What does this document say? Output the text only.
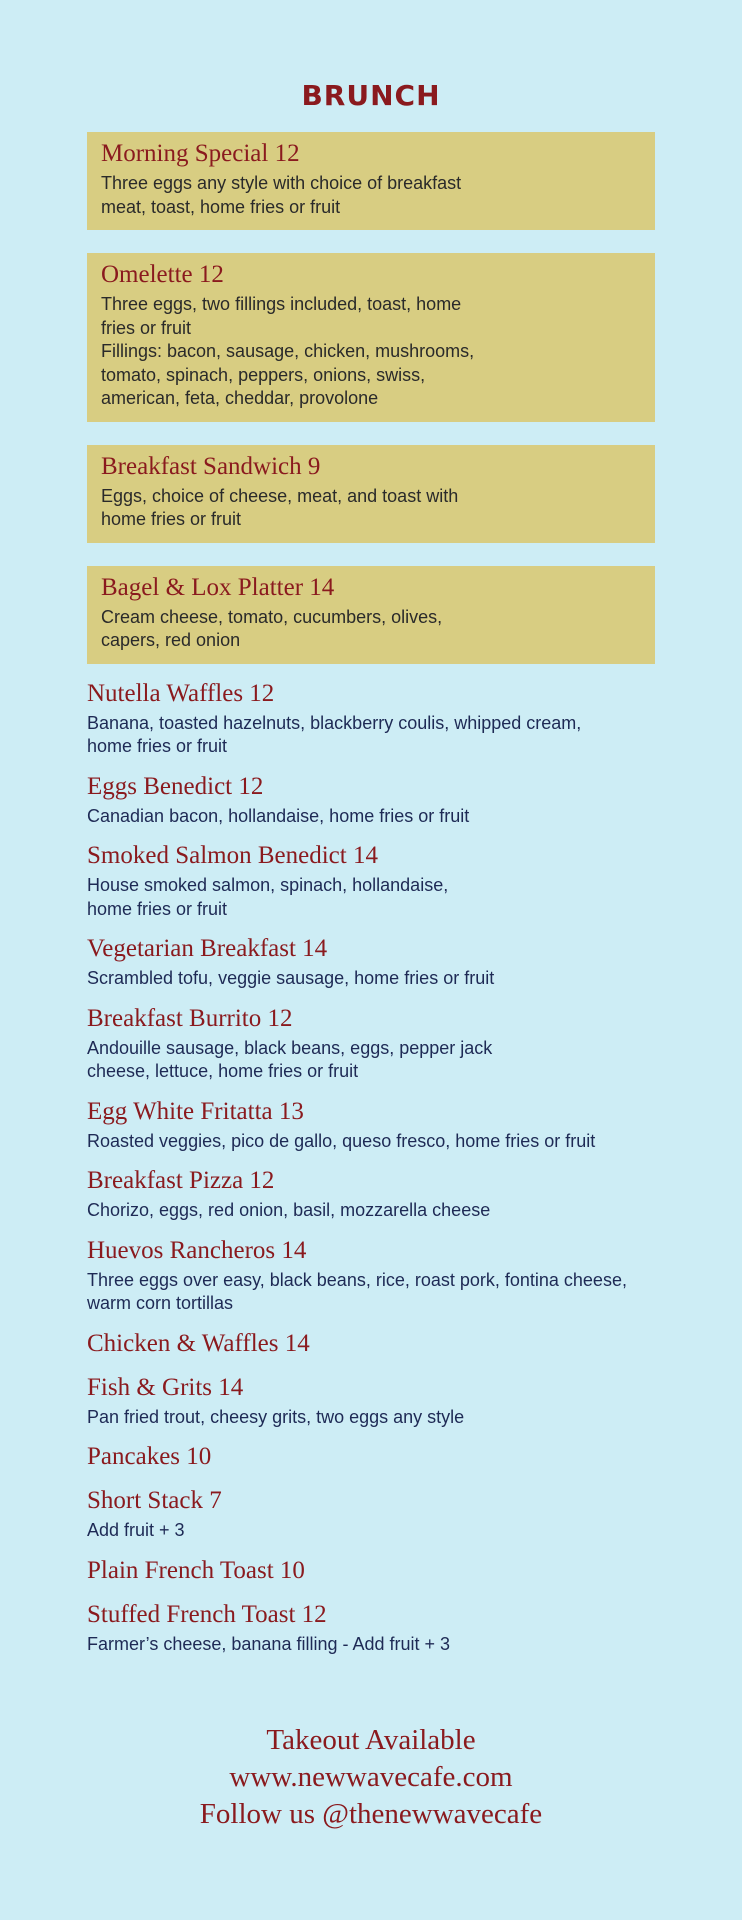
BRUNCH
Morning Special 12
Three eggs any style with choice of breakfast
meat, toast, home fries or fruit
Omelette 12
Three eggs, two fillings included, toast, home
fries or fruit
Fillings: bacon, sausage, chicken, mushrooms,
tomato, spinach, peppers, onions, swiss,
american, feta, cheddar, provolone
Breakfast Sandwich 9
Eggs, choice of cheese, meat, and toast with
home fries or fruit
Bagel & Lox Platter 14
Cream cheese, tomato, cucumbers, olives,
capers, red onion
Nutella Waffles 12
Banana, toasted hazelnuts, blackberry coulis, whipped cream,
home fries or fruit
Eggs Benedict 12
Canadian bacon, hollandaise, home fries or fruit
Smoked Salmon Benedict 14
House smoked salmon, spinach, hollandaise,
home fries or fruit
Vegetarian Breakfast 14
Scrambled tofu, veggie sausage, home fries or fruit
Breakfast Burrito 12
Andouille sausage, black beans, eggs, pepper jack
cheese, lettuce, home fries or fruit
Egg White Fritatta 13
Roasted veggies, pico de gallo, queso fresco, home fries or fruit
Breakfast Pizza 12
Chorizo, eggs, red onion, basil, mozzarella cheese
Huevos Rancheros 14
Three eggs over easy, black beans, rice, roast pork, fontina cheese,
warm corn tortillas
Chicken & Waffles 14
Fish & Grits 14
Pan fried trout, cheesy grits, two eggs any style
Pancakes 10
Short Stack 7
Add fruit + 3
Plain French Toast 10
Stuffed French Toast 12
Farmer’s cheese, banana filling - Add fruit + 3
Takeout Available
www.newwavecafe.com
Follow us @thenewwavecafe
